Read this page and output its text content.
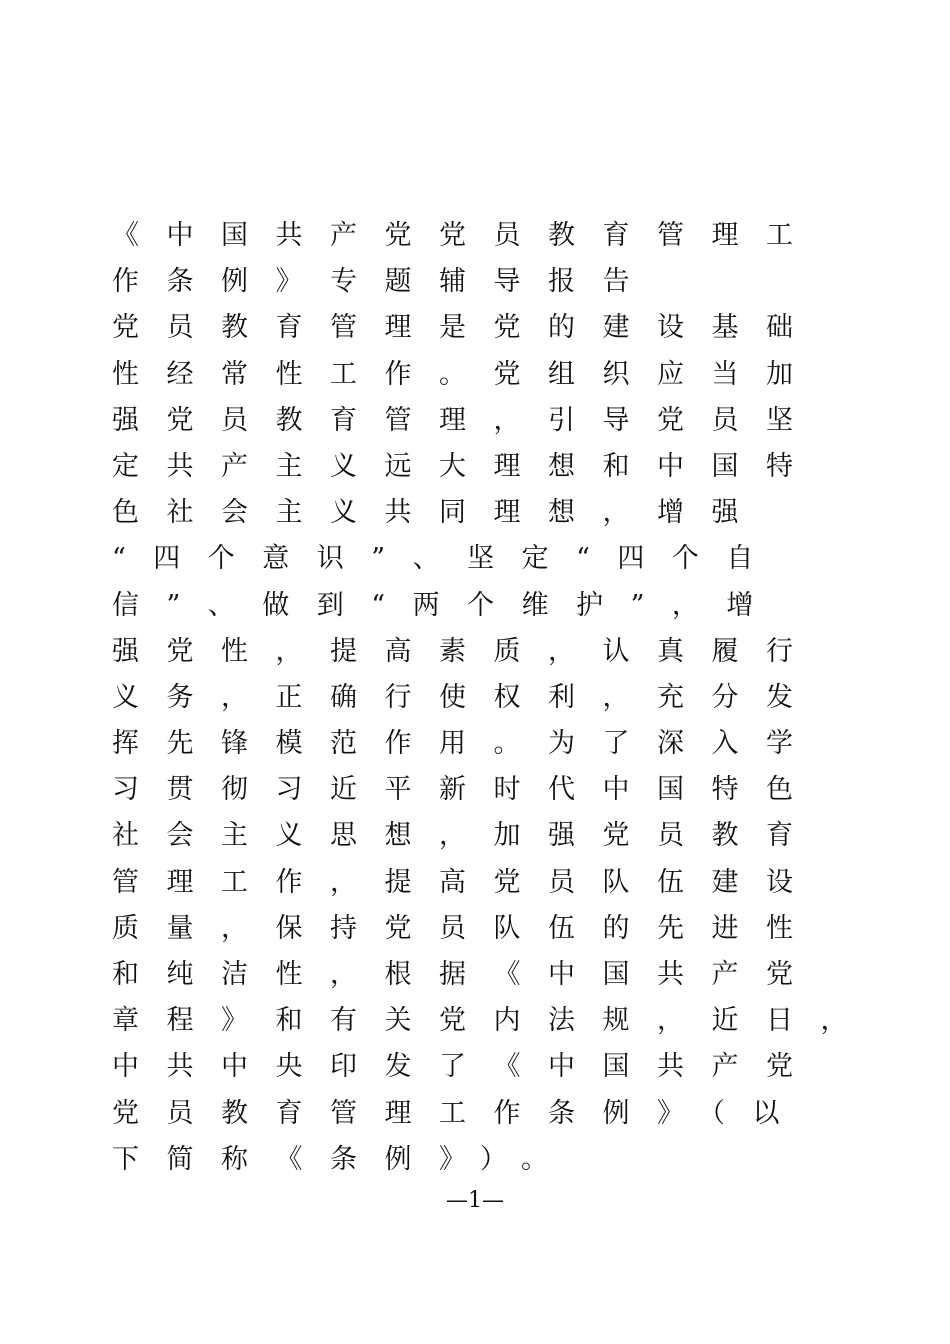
《中国共产党党员教育管理工
作条例》专题辅导报告
党员教育管理是党的建设基础
性经常性工作。党组织应当加
强党员教育管理，引导党员坚
定共产主义远大理想和中国特
色社会主义共同理想，增强
“四个意识”、坚定“四个自
信”、做到“两个维护”，增
强党性，提高素质，认真履行
义务，正确行使权利，充分发
挥先锋模范作用。为了深入学
习贯彻习近平新时代中国特色
社会主义思想，加强党员教育
管理工作，提高党员队伍建设
质量，保持党员队伍的先进性
和纯洁性，根据《中国共产党
章程》和有关党内法规，近日，
中共中央印发了《中国共产党
党员教育管理工作条例》（以
下简称《条例》）。
—1—
